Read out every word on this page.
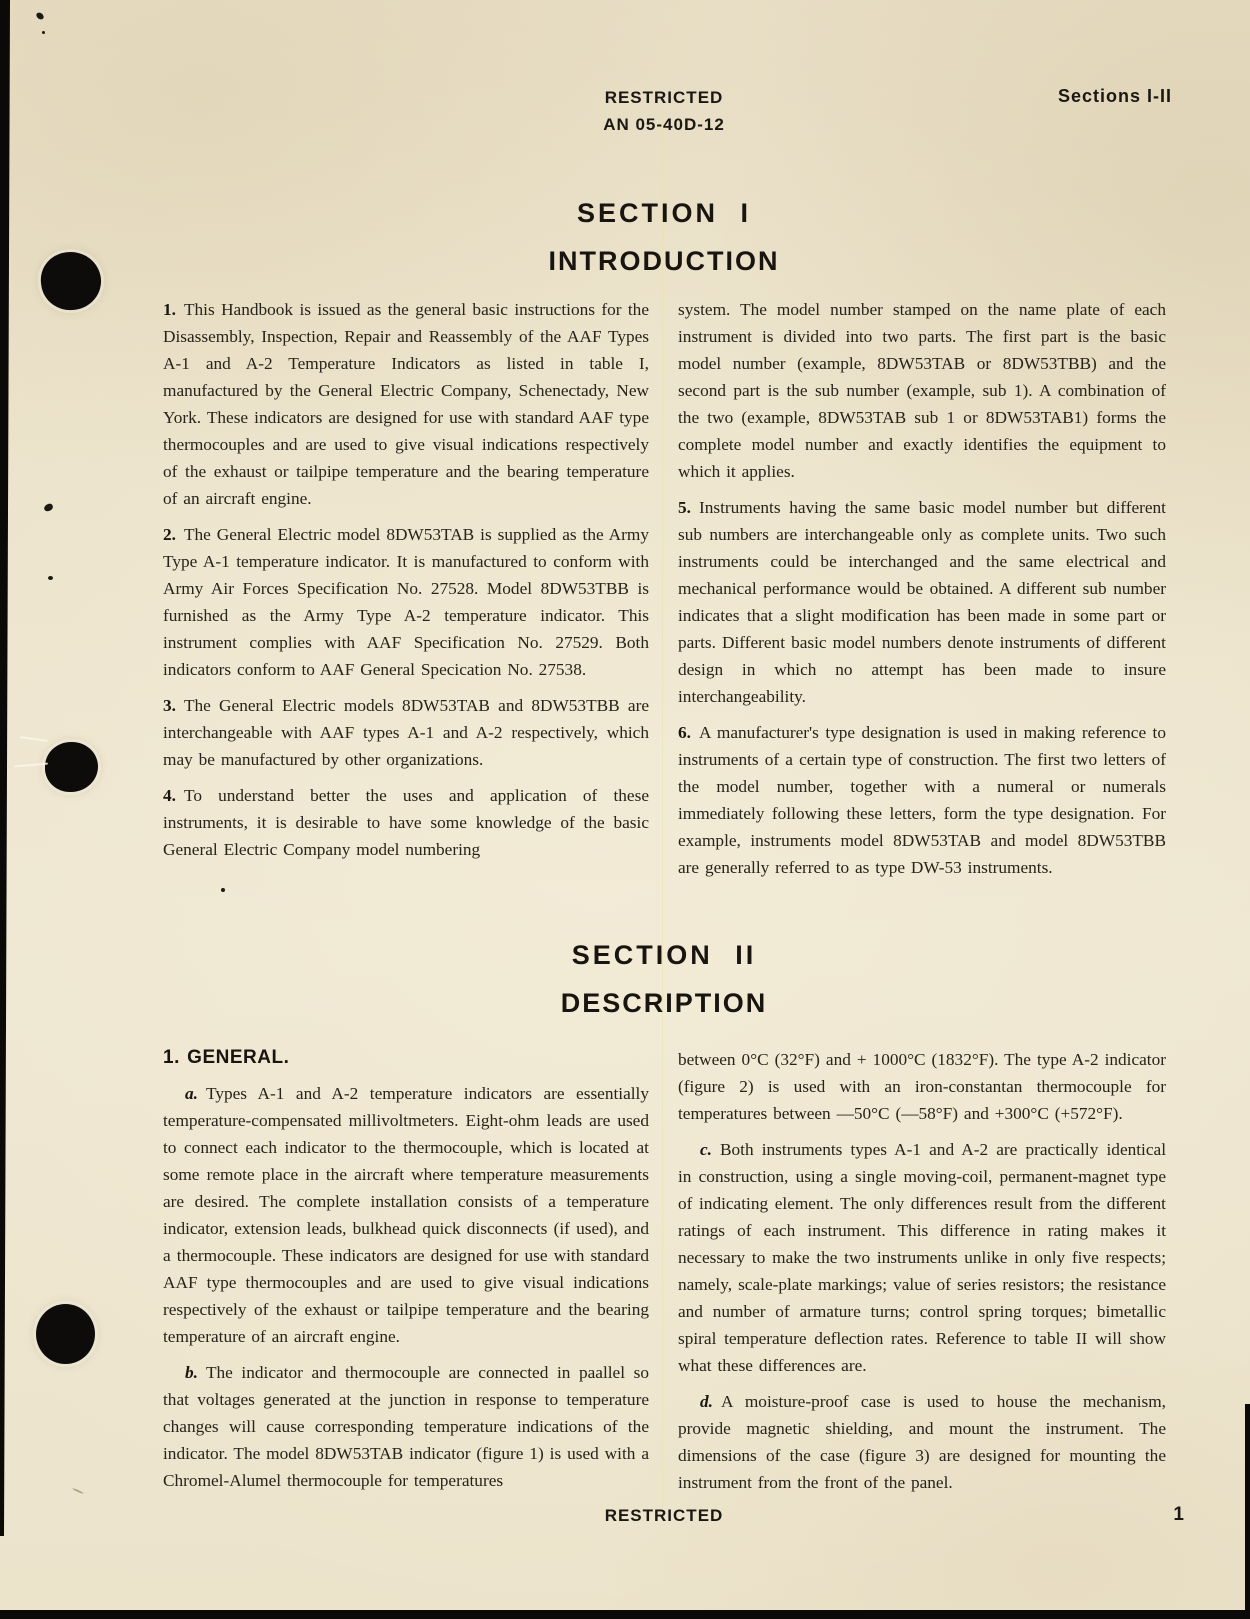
RESTRICTED
AN 05-40D-12
Sections I-II
SECTION I
INTRODUCTION

1. This Handbook is issued as the general basic instructions for the Disassembly, Inspection, Repair and Reassembly of the AAF Types A-1 and A-2 Temperature Indicators as listed in table I, manufactured by the General Electric Company, Schenectady, New York. These indicators are designed for use with standard AAF type thermocouples and are used to give visual indications respectively of the exhaust or tailpipe temperature and the bearing temperature of an aircraft engine.

2. The General Electric model 8DW53TAB is supplied as the Army Type A-1 temperature indicator. It is manufactured to conform with Army Air Forces Specification No. 27528. Model 8DW53TBB is furnished as the Army Type A-2 temperature indicator. This instrument complies with AAF Specification No. 27529. Both indicators conform to AAF General Specication No. 27538.

3. The General Electric models 8DW53TAB and 8DW53TBB are interchangeable with AAF types A-1 and A-2 respectively, which may be manufactured by other organizations.

4. To understand better the uses and application of these instruments, it is desirable to have some knowledge of the basic General Electric Company model numbering

system. The model number stamped on the name plate of each instrument is divided into two parts. The first part is the basic model number (example, 8DW53TAB or 8DW53TBB) and the second part is the sub number (example, sub 1). A combination of the two (example, 8DW53TAB sub 1 or 8DW53TAB1) forms the complete model number and exactly identifies the equipment to which it applies.

5. Instruments having the same basic model number but different sub numbers are interchangeable only as complete units. Two such instruments could be interchanged and the same electrical and mechanical performance would be obtained. A different sub number indicates that a slight modification has been made in some part or parts. Different basic model numbers denote instruments of different design in which no attempt has been made to insure interchangeability.

6. A manufacturer's type designation is used in making reference to instruments of a certain type of construction. The first two letters of the model number, together with a numeral or numerals immediately following these letters, form the type designation. For example, instruments model 8DW53TAB and model 8DW53TBB are generally referred to as type DW-53 instruments.

SECTION II
DESCRIPTION

1. GENERAL.

a. Types A-1 and A-2 temperature indicators are essentially temperature-compensated millivoltmeters. Eight-ohm leads are used to connect each indicator to the thermocouple, which is located at some remote place in the aircraft where temperature measurements are desired. The complete installation consists of a temperature indicator, extension leads, bulkhead quick disconnects (if used), and a thermocouple. These indicators are designed for use with standard AAF type thermocouples and are used to give visual indications respectively of the exhaust or tailpipe temperature and the bearing temperature of an aircraft engine.

b. The indicator and thermocouple are connected in paallel so that voltages generated at the junction in response to temperature changes will cause corresponding temperature indications of the indicator. The model 8DW53TAB indicator (figure 1) is used with a Chromel-Alumel thermocouple for temperatures

between 0°C (32°F) and + 1000°C (1832°F). The type A-2 indicator (figure 2) is used with an iron-constantan thermocouple for temperatures between —50°C (—58°F) and +300°C (+572°F).

c. Both instruments types A-1 and A-2 are practically identical in construction, using a single moving-coil, permanent-magnet type of indicating element. The only differences result from the different ratings of each instrument. This difference in rating makes it necessary to make the two instruments unlike in only five respects; namely, scale-plate markings; value of series resistors; the resistance and number of armature turns; control spring torques; bimetallic spiral temperature deflection rates. Reference to table II will show what these differences are.

d. A moisture-proof case is used to house the mechanism, provide magnetic shielding, and mount the instrument. The dimensions of the case (figure 3) are designed for mounting the instrument from the front of the panel.

RESTRICTED	1
